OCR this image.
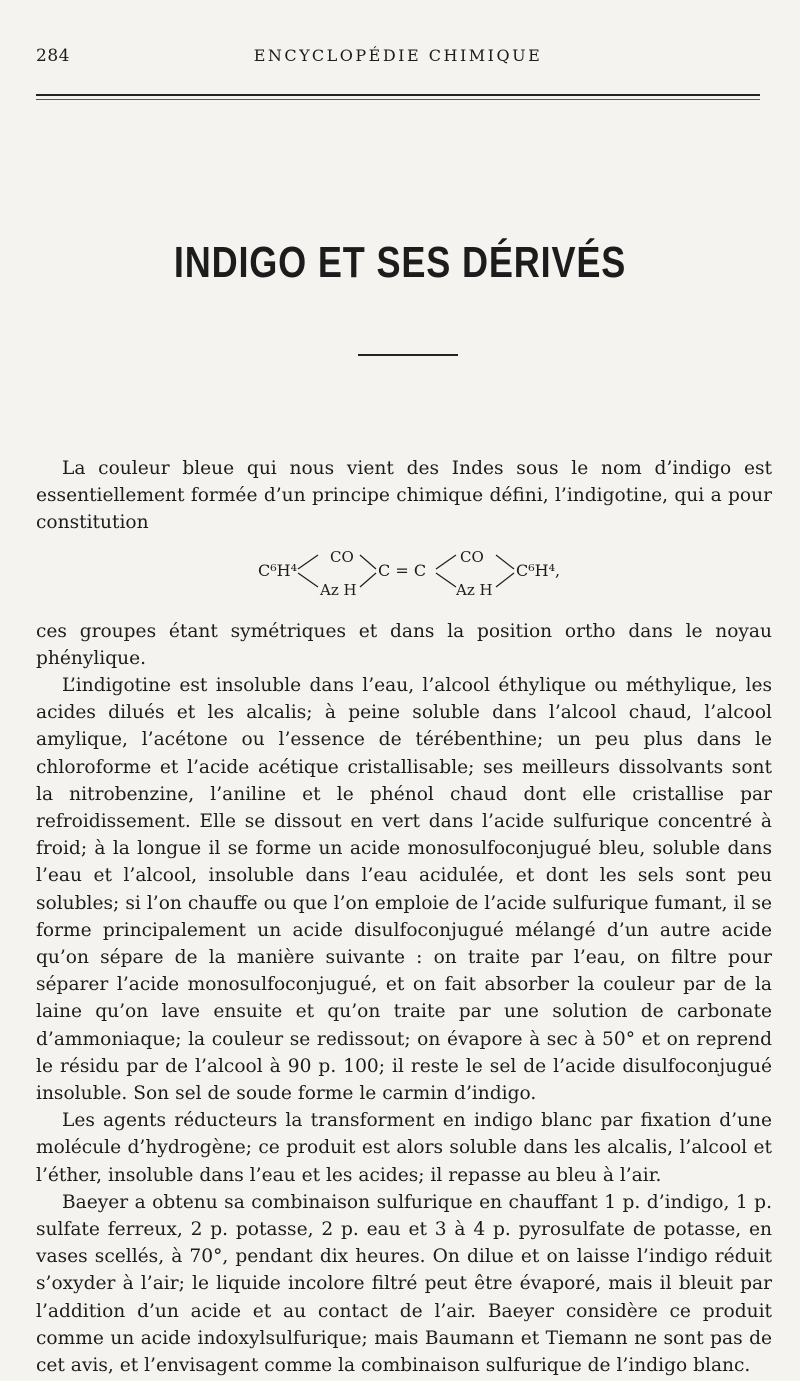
284	ENCYCLOPÉDIE CHIMIQUE
INDIGO ET SES DÉRIVÉS

La couleur bleue qui nous vient des Indes sous le nom d’indigo est essentiellement formée d’un principe chimique défini, l’indigotine, qui a pour constitution

C⁶H⁴
CO
Az H
C = C
CO
Az H
C⁶H⁴,

ces groupes étant symétriques et dans la position ortho dans le noyau phénylique.

L’indigotine est insoluble dans l’eau, l’alcool éthylique ou méthylique, les acides dilués et les alcalis; à peine soluble dans l’alcool chaud, l’alcool amylique, l’acétone ou l’essence de térébenthine; un peu plus dans le chloroforme et l’acide acétique cristallisable; ses meilleurs dissolvants sont la nitrobenzine, l’aniline et le phénol chaud dont elle cristallise par refroidissement. Elle se dissout en vert dans l’acide sulfurique concentré à froid; à la longue il se forme un acide monosulfoconjugué bleu, soluble dans l’eau et l’alcool, insoluble dans l’eau acidulée, et dont les sels sont peu solubles; si l’on chauffe ou que l’on emploie de l’acide sulfurique fumant, il se forme principalement un acide disulfoconjugué mélangé d’un autre acide qu’on sépare de la manière suivante : on traite par l’eau, on filtre pour séparer l’acide monosulfoconjugué, et on fait absorber la couleur par de la laine qu’on lave ensuite et qu’on traite par une solution de carbonate d’ammoniaque; la couleur se redissout; on évapore à sec à 50° et on reprend le résidu par de l’alcool à 90 p. 100; il reste le sel de l’acide disulfoconjugué insoluble. Son sel de soude forme le carmin d’indigo.

Les agents réducteurs la transforment en indigo blanc par fixation d’une molécule d’hydrogène; ce produit est alors soluble dans les alcalis, l’alcool et l’éther, insoluble dans l’eau et les acides; il repasse au bleu à l’air.

Baeyer a obtenu sa combinaison sulfurique en chauffant 1 p. d’indigo, 1 p. sulfate ferreux, 2 p. potasse, 2 p. eau et 3 à 4 p. pyrosulfate de potasse, en vases scellés, à 70°, pendant dix heures. On dilue et on laisse l’indigo réduit s’oxyder à l’air; le liquide incolore filtré peut être évaporé, mais il bleuit par l’addition d’un acide et au contact de l’air. Baeyer considère ce produit comme un acide indoxylsulfurique; mais Baumann et Tiemann ne sont pas de cet avis, et l’envisagent comme la combinaison sulfurique de l’indigo blanc.
